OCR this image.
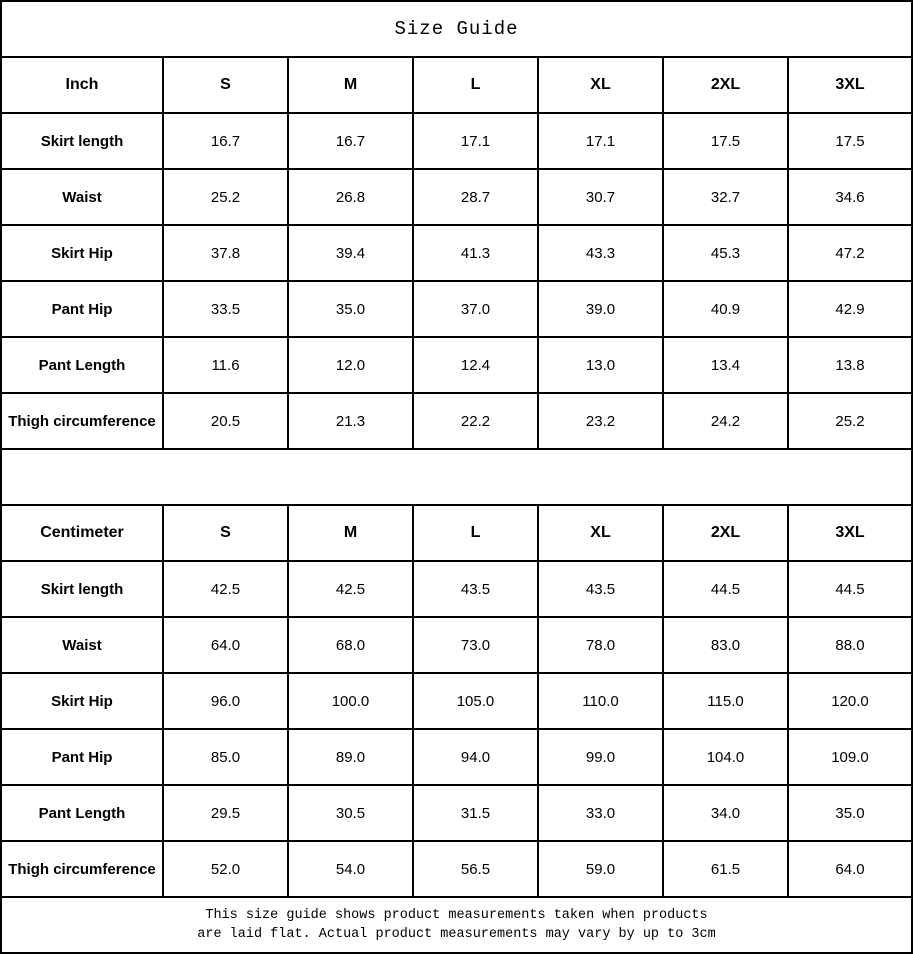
Size Guide						
Inch	S	M	L	XL	2XL	3XL
Skirt length	16.7	16.7	17.1	17.1	17.5	17.5
Waist	25.2	26.8	28.7	30.7	32.7	34.6
Skirt Hip	37.8	39.4	41.3	43.3	45.3	47.2
Pant Hip	33.5	35.0	37.0	39.0	40.9	42.9
Pant Length	11.6	12.0	12.4	13.0	13.4	13.8
Thigh circumference	20.5	21.3	22.2	23.2	24.2	25.2

Centimeter	S	M	L	XL	2XL	3XL
Skirt length	42.5	42.5	43.5	43.5	44.5	44.5
Waist	64.0	68.0	73.0	78.0	83.0	88.0
Skirt Hip	96.0	100.0	105.0	110.0	115.0	120.0
Pant Hip	85.0	89.0	94.0	99.0	104.0	109.0
Pant Length	29.5	30.5	31.5	33.0	34.0	35.0
Thigh circumference	52.0	54.0	56.5	59.0	61.5	64.0

This size guide shows product measurements taken when products
are laid flat. Actual product measurements may vary by up to 3cm						
